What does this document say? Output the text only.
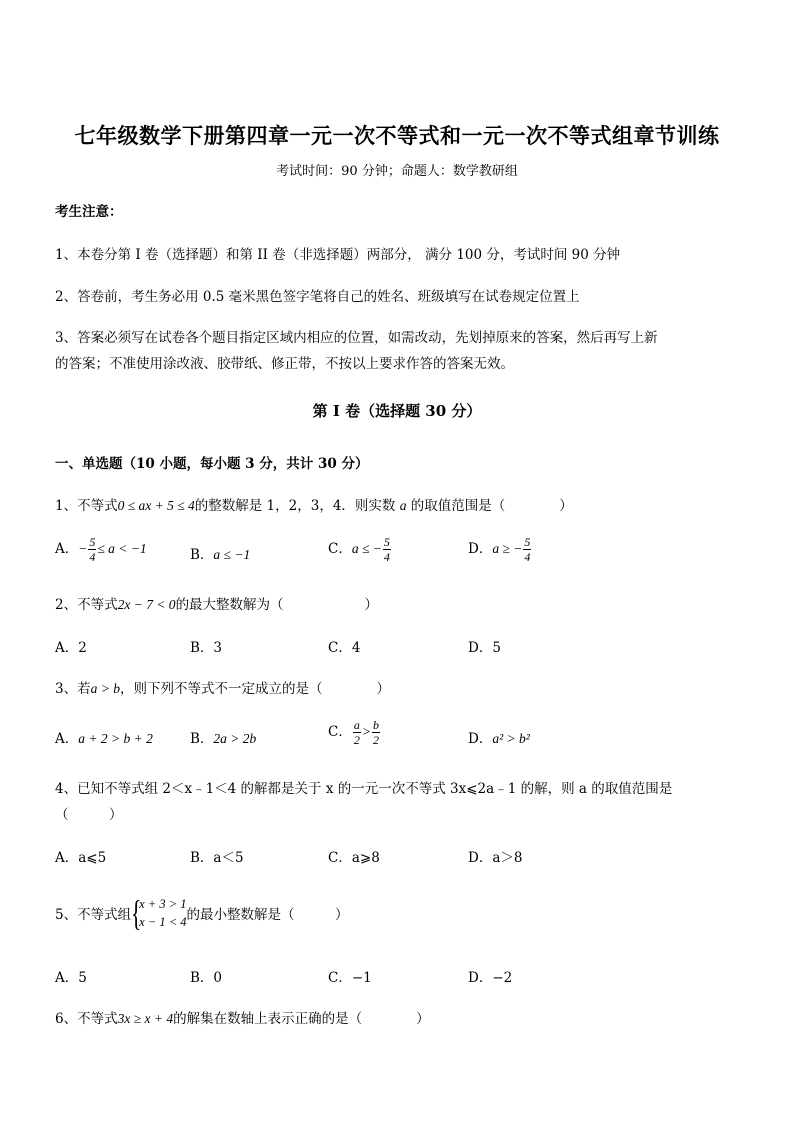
七年级数学下册第四章一元一次不等式和一元一次不等式组章节训练
考试时间：90 分钟；命题人：数学教研组
考生注意：
1、本卷分第 I 卷（选择题）和第 II 卷（非选择题）两部分， 满分 100 分，考试时间 90 分钟
2、答卷前，考生务必用 0.5 毫米黑色签字笔将自己的姓名、班级填写在试卷规定位置上
3、答案必须写在试卷各个题目指定区域内相应的位置，如需改动，先划掉原来的答案，然后再写上新
的答案；不准使用涂改液、胶带纸、修正带，不按以上要求作答的答案无效。
第 I 卷（选择题 30 分）
一、单选题（10 小题，每小题 3 分，共计 30 分）
1、不等式0 ≤ ax + 5 ≤ 4的整数解是 1，2，3，4．则实数 a 的取值范围是（　　　　）
A．− $\frac{5}{4} \le a < -1$	B．a ≤ −1	C．a ≤ − $\frac{5}{4}$	D．a ≥ − $\frac{5}{4}$
2、不等式2x − 7 < 0的最大整数解为（　　　　　　）
A．2	B．3	C．4	D．5
3、若a > b，则下列不等式不一定成立的是（　　　　）
A．a + 2 > b + 2	B．2a > 2b	C． $\frac{a}{2} > \frac{b}{2}$	D．a² > b²
4、已知不等式组 2＜x﹣1＜4 的解都是关于 x 的一元一次不等式 3x⩽2a﹣1 的解，则 a 的取值范围是
（　　　）
A．a⩽5	B．a＜5	C．a⩾8	D．a＞8
5、不等式组 {
x + 3 > 1
x − 1 < 4 的最小整数解是（　　　）
A．5	B．0	C．−1	D．−2
6、不等式3x ≥ x + 4的解集在数轴上表示正确的是（　　　　）
